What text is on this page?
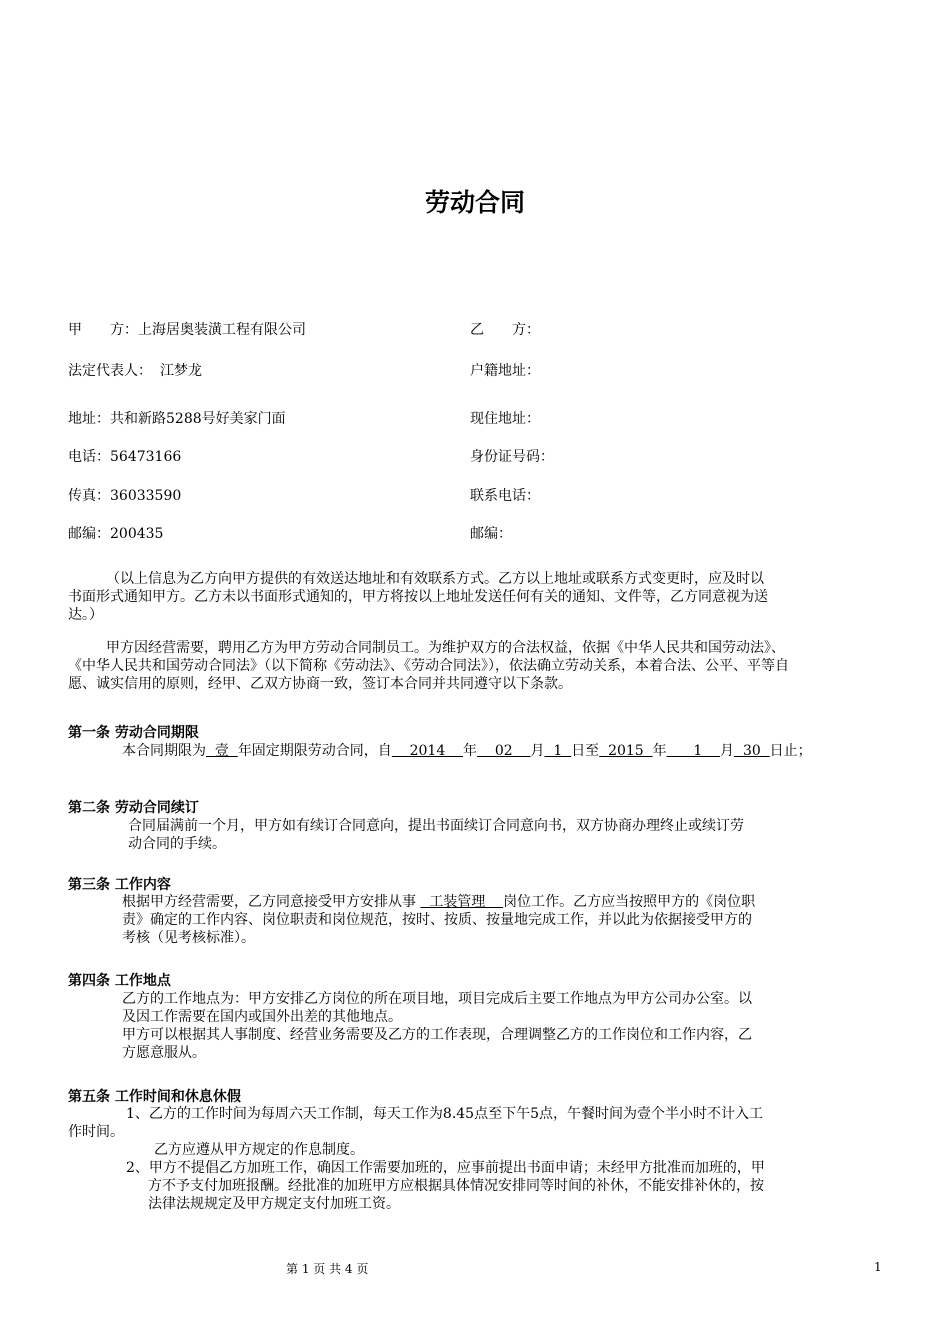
劳动合同
甲　　方：上海居奥装潢工程有限公司
法定代表人： 江梦龙
地址：共和新路5288号好美家门面
电话：56473166
传真：36033590
邮编：200435
乙　　方：
户籍地址：
现住地址：
身份证号码：
联系电话：
邮编：

（以上信息为乙方向甲方提供的有效送达地址和有效联系方式。乙方以上地址或联系方式变更时，应及时以

书面形式通知甲方。乙方未以书面形式通知的，甲方将按以上地址发送任何有关的通知、文件等，乙方同意视为送

达。）

甲方因经营需要，聘用乙方为甲方劳动合同制员工。为维护双方的合法权益，依据《中华人民共和国劳动法》、

《中华人民共和国劳动合同法》（以下简称《劳动法》、《劳动合同法》），依法确立劳动关系，本着合法、公平、平等自

愿、诚实信用的原则，经甲、乙双方协商一致，签订本合同并共同遵守以下条款。

第一条 劳动合同期限
本合同期限为  壹  年固定期限劳动合同，自    2014    年    02    月  1  日至  2015  年      1    月  30  日止；
第二条 劳动合同续订

合同届满前一个月，甲方如有续订合同意向，提出书面续订合同意向书，双方协商办理终止或续订劳

动合同的手续。

第三条 工作内容

根据甲方经营需要，乙方同意接受甲方安排从事   工装管理    岗位工作。乙方应当按照甲方的《岗位职

责》确定的工作内容、岗位职责和岗位规范，按时、按质、按量地完成工作，并以此为依据接受甲方的

考核（见考核标准）。

第四条 工作地点

乙方的工作地点为：甲方安排乙方岗位的所在项目地，项目完成后主要工作地点为甲方公司办公室。以

及因工作需要在国内或国外出差的其他地点。

甲方可以根据其人事制度、经营业务需要及乙方的工作表现，合理调整乙方的工作岗位和工作内容，乙

方愿意服从。

第五条 工作时间和休息休假

1、乙方的工作时间为每周六天工作制，每天工作为8.45点至下午5点，午餐时间为壹个半小时不计入工

作时间。

乙方应遵从甲方规定的作息制度。

2、甲方不提倡乙方加班工作，确因工作需要加班的，应事前提出书面申请；未经甲方批准而加班的，甲

方不予支付加班报酬。经批准的加班甲方应根据具体情况安排同等时间的补休，不能安排补休的，按

法律法规规定及甲方规定支付加班工资。

第 1 页 共 4 页	1
